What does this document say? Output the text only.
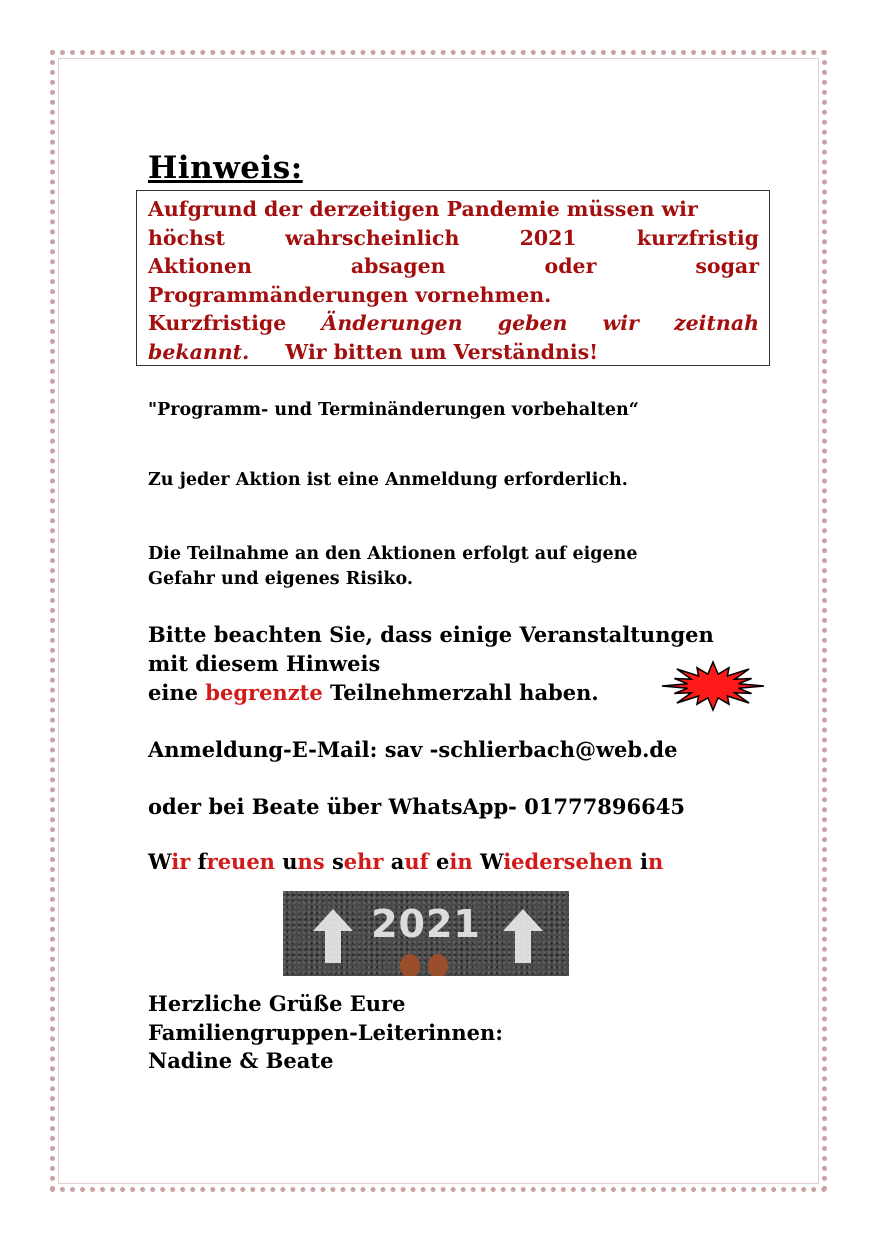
Hinweis:
Aufgrund der derzeitigen Pandemie müssen wir
höchst wahrscheinlich 2021 kurzfristig
Aktionen absagen oder sogar
Programmänderungen vornehmen.
Kurzfristige Änderungen geben wir zeitnah
bekannt. Wir bitten um Verständnis!

"Programm- und Terminänderungen vorbehalten“

Zu jeder Aktion ist eine Anmeldung erforderlich.

Die Teilnahme an den Aktionen erfolgt auf eigene

Gefahr und eigenes Risiko.

Bitte beachten Sie, dass einige Veranstaltungen

mit diesem Hinweis

eine begrenzte Teilnehmerzahl haben.

Anmeldung-E-Mail: sav -schlierbach@web.de

oder bei Beate über WhatsApp- 01777896645

Wir freuen uns sehr auf ein Wiedersehen in

2021

Herzliche Grüße Eure

Familiengruppen-Leiterinnen:

Nadine & Beate
